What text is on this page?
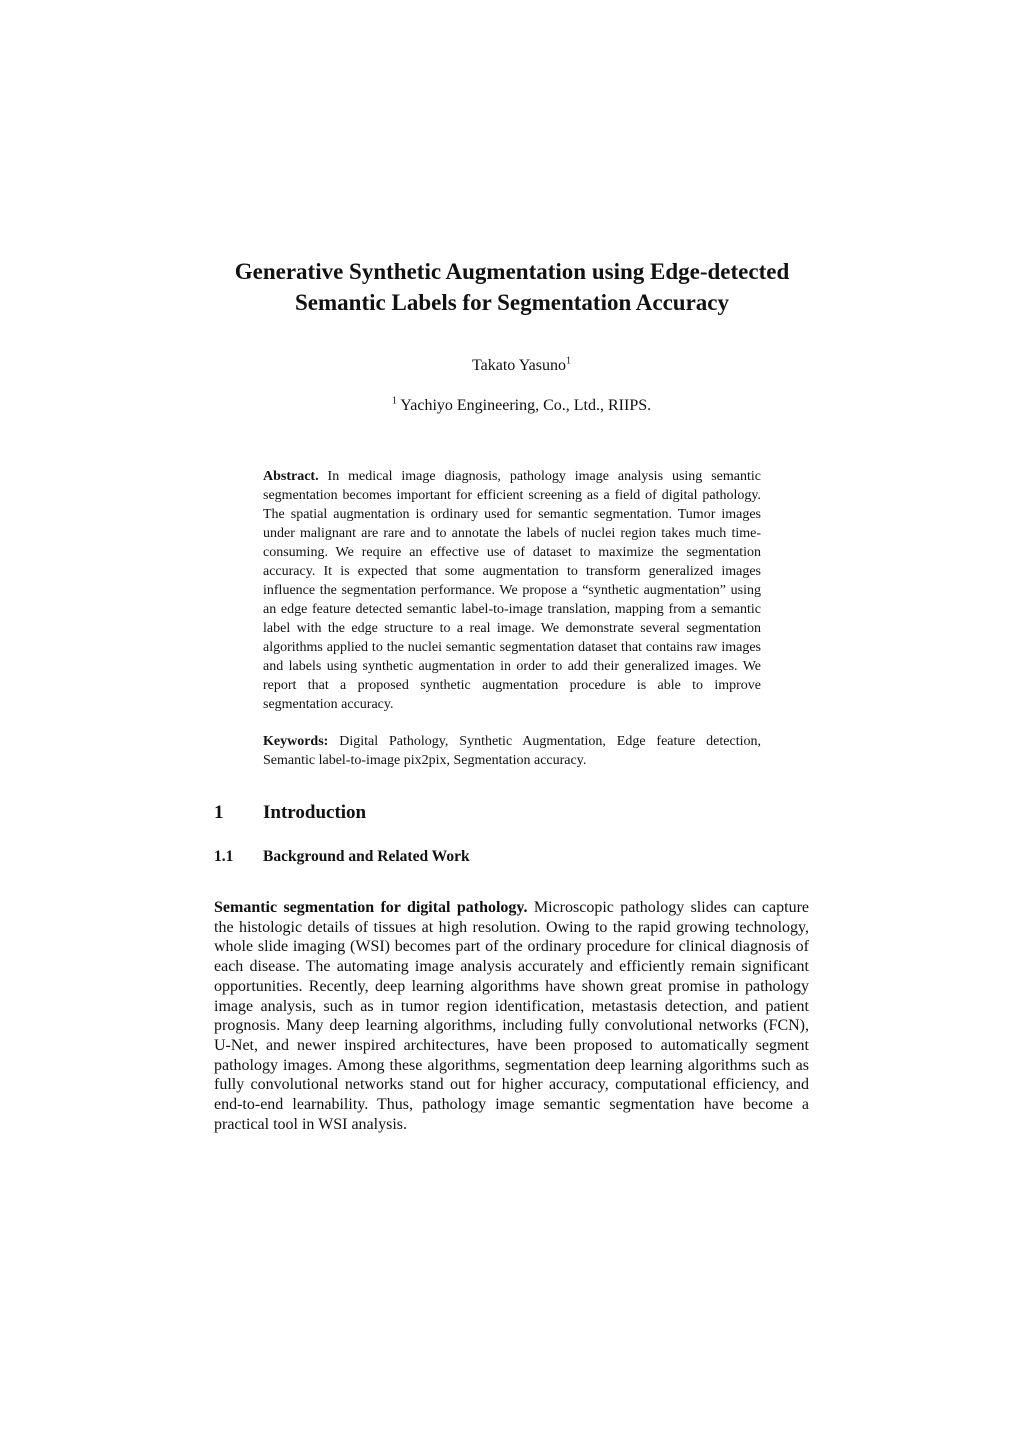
Generative Synthetic Augmentation using Edge-detected
Semantic Labels for Segmentation Accuracy

Takato Yasuno$^1$

$^1$ Yachiyo Engineering, Co., Ltd., RIIPS.

Abstract. In medical image diagnosis, pathology image analysis using semantic segmentation becomes important for efficient screening as a field of digital pathology. The spatial augmentation is ordinary used for semantic segmentation. Tumor images under malignant are rare and to annotate the labels of nuclei region takes much time-consuming. We require an effective use of dataset to maximize the segmentation accuracy. It is expected that some augmentation to transform generalized images influence the segmentation performance. We propose a “synthetic augmentation” using an edge feature detected semantic label-to-image translation, mapping from a semantic label with the edge structure to a real image. We demonstrate several segmentation algorithms applied to the nuclei semantic segmentation dataset that contains raw images and labels using synthetic augmentation in order to add their generalized images. We report that a proposed synthetic augmentation procedure is able to improve segmentation accuracy.

Keywords: Digital Pathology, Synthetic Augmentation, Edge feature detection, Semantic label-to-image pix2pix, Segmentation accuracy.

1 Introduction
1.1 Background and Related Work

Semantic segmentation for digital pathology. Microscopic pathology slides can capture the histologic details of tissues at high resolution. Owing to the rapid growing technology, whole slide imaging (WSI) becomes part of the ordinary procedure for clinical diagnosis of each disease. The automating image analysis accurately and efficiently remain significant opportunities. Recently, deep learning algorithms have shown great promise in pathology image analysis, such as in tumor region identification, metastasis detection, and patient prognosis. Many deep learning algorithms, including fully convolutional networks (FCN), U-Net, and newer inspired architectures, have been proposed to automatically segment pathology images. Among these algorithms, segmentation deep learning algorithms such as fully convolutional networks stand out for higher accuracy, computational efficiency, and end-to-end learnability. Thus, pathology image semantic segmentation have become a practical tool in WSI analysis.
